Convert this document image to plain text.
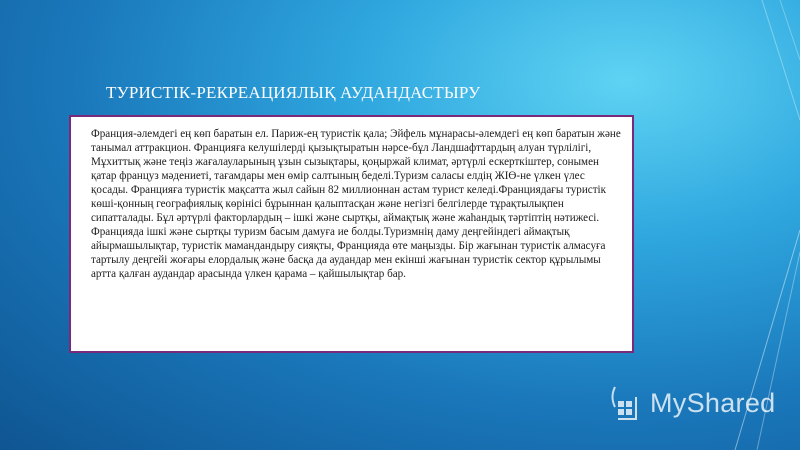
ТУРИСТІК-РЕКРЕАЦИЯЛЫҚ АУДАНДАСТЫРУ

Франция-әлемдегі ең көп баратын ел. Париж-ең туристік қала; Эйфель мұнарасы-әлемдегі ең көп баратын және танымал аттракцион. Францияға келушілерді қызықтыратын нәрсе-бұл Ландшафттардың алуан түрлілігі, Мұхиттық және теңіз жағалауларының ұзын сызықтары, қоңыржай климат, әртүрлі ескерткіштер, сонымен қатар француз мәдениеті, тағамдары мен өмір салтының беделі.Туризм саласы елдің ЖІӨ-не үлкен үлес қосады. Францияға туристік мақсатта жыл сайын 82 миллионнан астам турист келеді.Франциядағы туристік көші-қонның географиялық көрінісі бұрыннан қалыптасқан және негізгі белгілерде тұрақтылықпен сипатталады. Бұл әртүрлі факторлардың – ішкі және сыртқы, аймақтық және жаһандық тәртіптің нәтижесі. Францияда ішкі және сыртқы туризм басым дамуға ие болды.Туризмнің даму деңгейіндегі аймақтық айырмашылықтар, туристік мамандандыру сияқты, Францияда өте маңызды. Бір жағынан туристік алмасуға тартылу деңгейі жоғары елордалық және басқа да аудандар мен екінші жағынан туристік сектор құрылымы артта қалған аудандар арасында үлкен қарама – қайшылықтар бар.

MyShared
